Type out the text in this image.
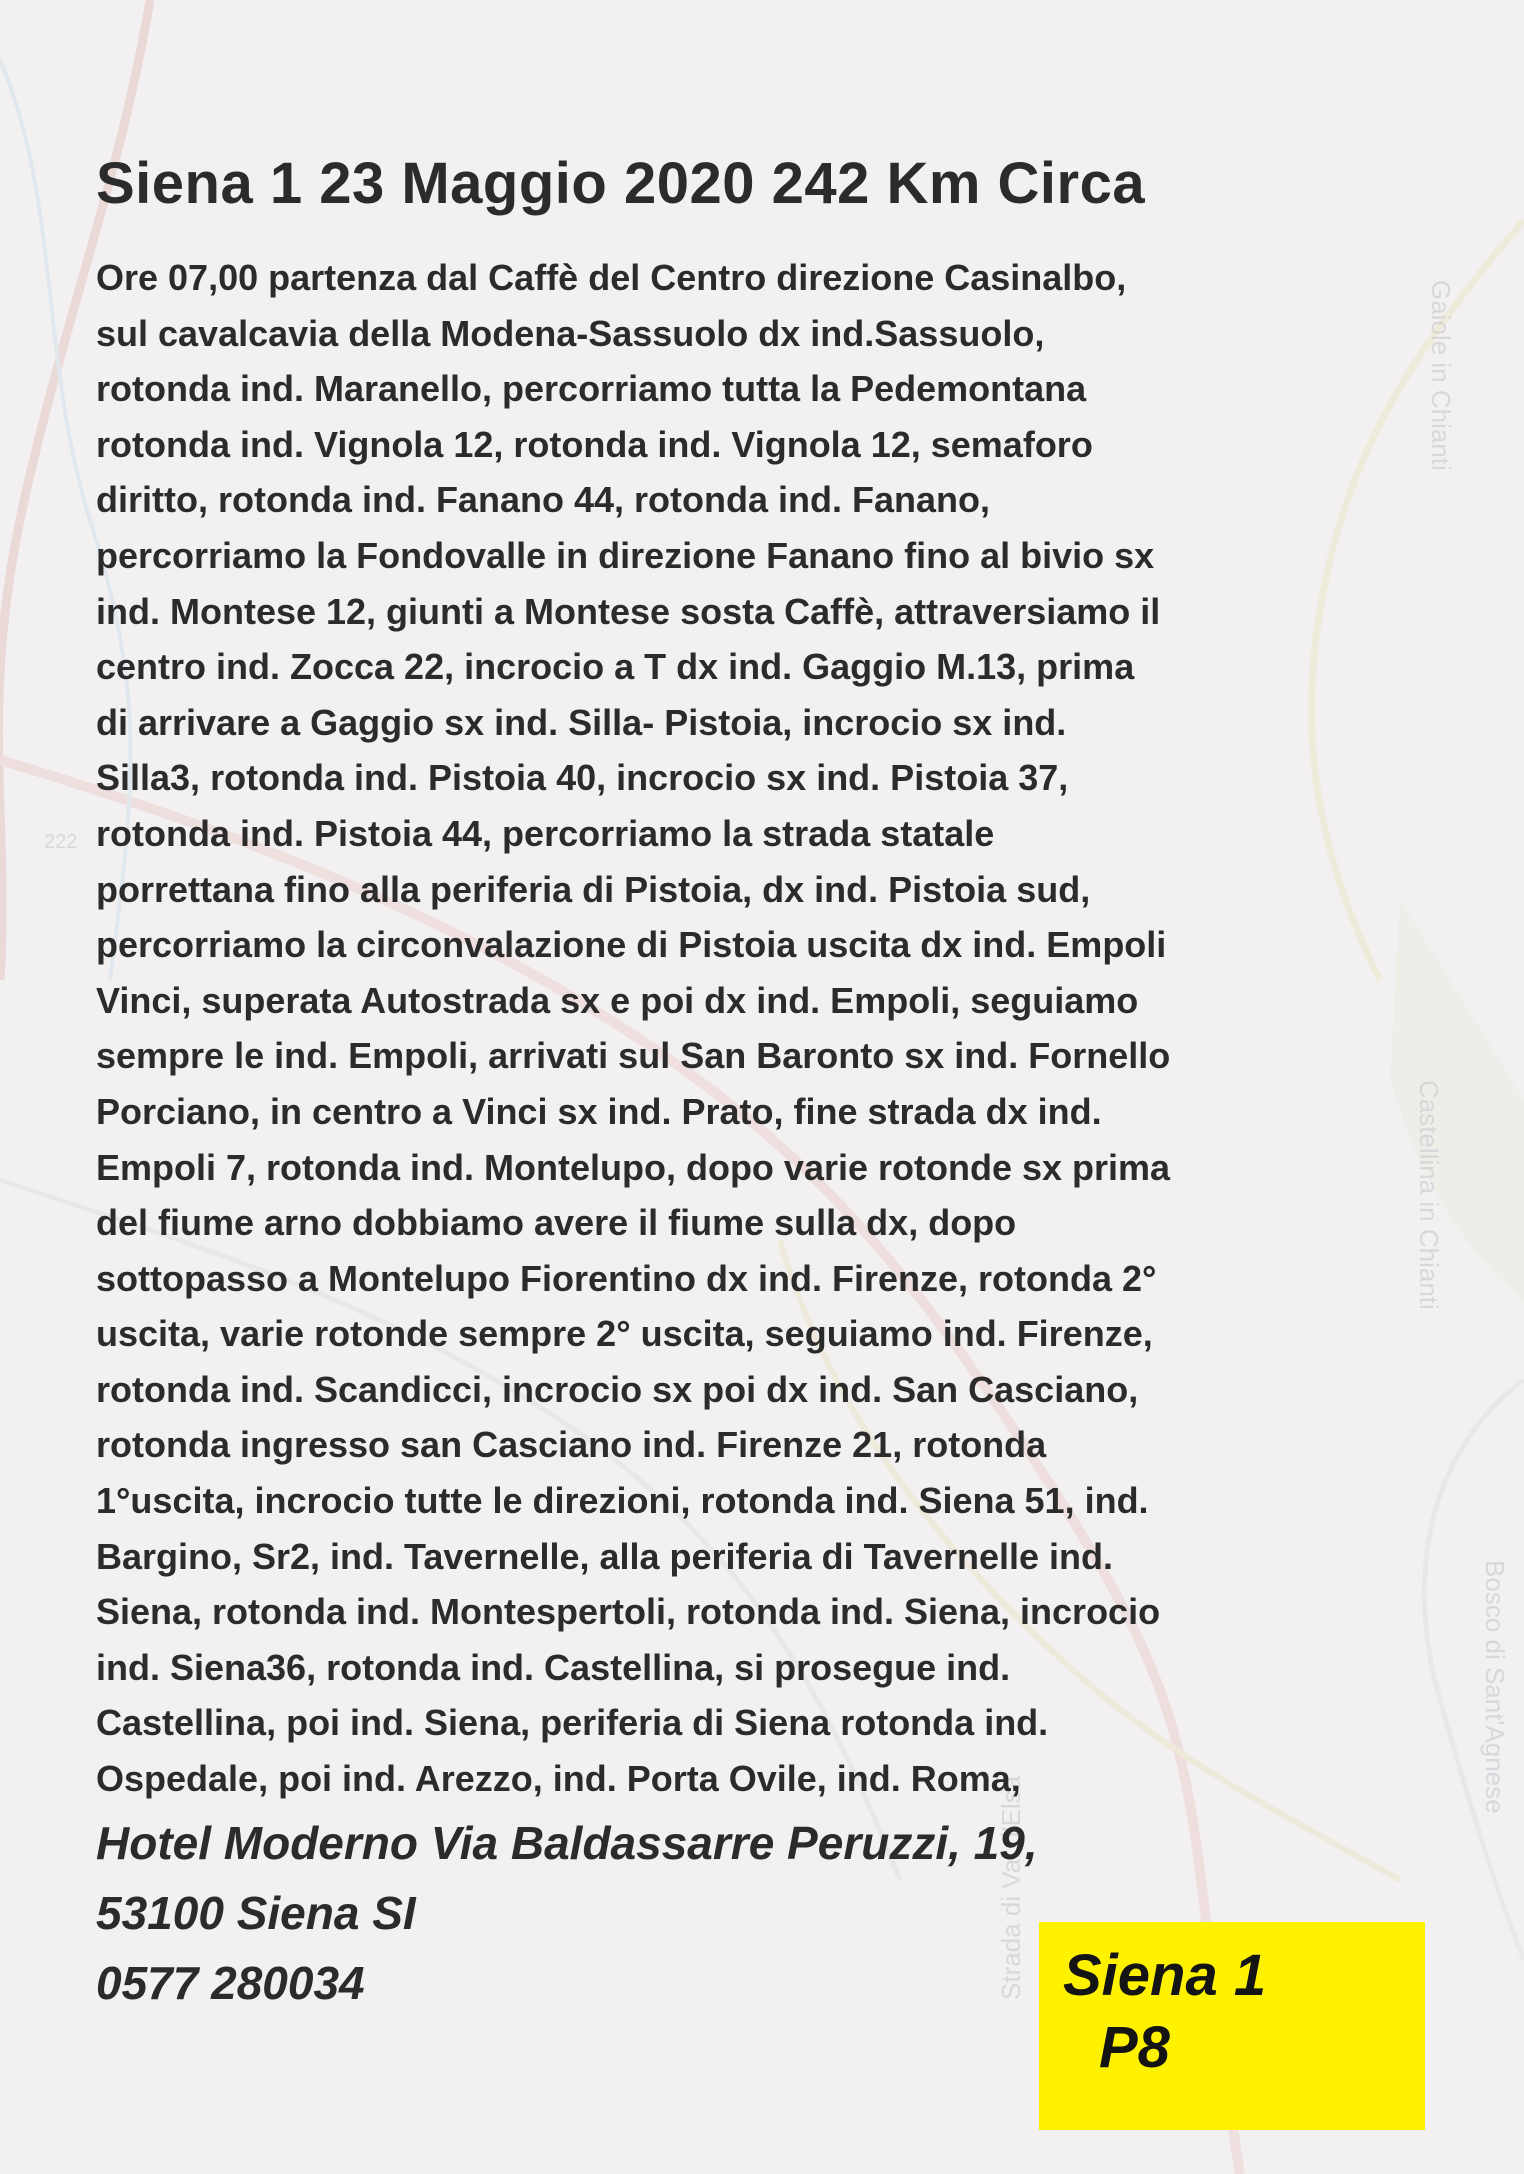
Gaiole in Chianti
Castellina in Chianti
Bosco di Sant'Agnese
Strada di Val d'Elsa
222
Siena 1 23 Maggio 2020 242 Km Circa
Ore 07,00 partenza dal Caffè del Centro direzione Casinalbo,
sul cavalcavia della Modena-Sassuolo dx ind.Sassuolo,
rotonda ind. Maranello, percorriamo tutta la Pedemontana
rotonda ind. Vignola 12, rotonda ind. Vignola 12, semaforo
diritto, rotonda ind. Fanano 44, rotonda ind. Fanano,
percorriamo la Fondovalle in direzione Fanano fino al bivio sx
ind. Montese 12, giunti a Montese sosta Caffè, attraversiamo il
centro ind. Zocca 22, incrocio a T dx ind. Gaggio M.13, prima
di arrivare a Gaggio sx ind. Silla- Pistoia, incrocio sx ind.
Silla3, rotonda ind. Pistoia 40, incrocio sx ind. Pistoia 37,
rotonda ind. Pistoia 44, percorriamo la strada statale
porrettana fino alla periferia di Pistoia, dx ind. Pistoia sud,
percorriamo la circonvalazione di Pistoia uscita dx ind. Empoli
Vinci, superata Autostrada sx e poi dx ind. Empoli, seguiamo
sempre le ind. Empoli, arrivati sul San Baronto sx ind. Fornello
Porciano, in centro a Vinci sx ind. Prato, fine strada dx ind.
Empoli 7, rotonda ind. Montelupo, dopo varie rotonde sx prima
del fiume arno dobbiamo avere il fiume sulla dx, dopo
sottopasso a Montelupo Fiorentino dx ind. Firenze, rotonda 2°
uscita, varie rotonde sempre 2° uscita, seguiamo ind. Firenze,
rotonda ind. Scandicci, incrocio sx poi dx ind. San Casciano,
rotonda ingresso san Casciano ind. Firenze 21, rotonda
1°uscita, incrocio tutte le direzioni, rotonda ind. Siena 51, ind.
Bargino, Sr2, ind. Tavernelle, alla periferia di Tavernelle ind.
Siena, rotonda ind. Montespertoli, rotonda ind. Siena, incrocio
ind. Siena36, rotonda ind. Castellina, si prosegue ind.
Castellina, poi ind. Siena, periferia di Siena rotonda ind.
Ospedale, poi ind. Arezzo, ind. Porta Ovile, ind. Roma,
Hotel Moderno Via Baldassarre Peruzzi, 19,
53100 Siena SI
0577 280034	Siena 1
P8
